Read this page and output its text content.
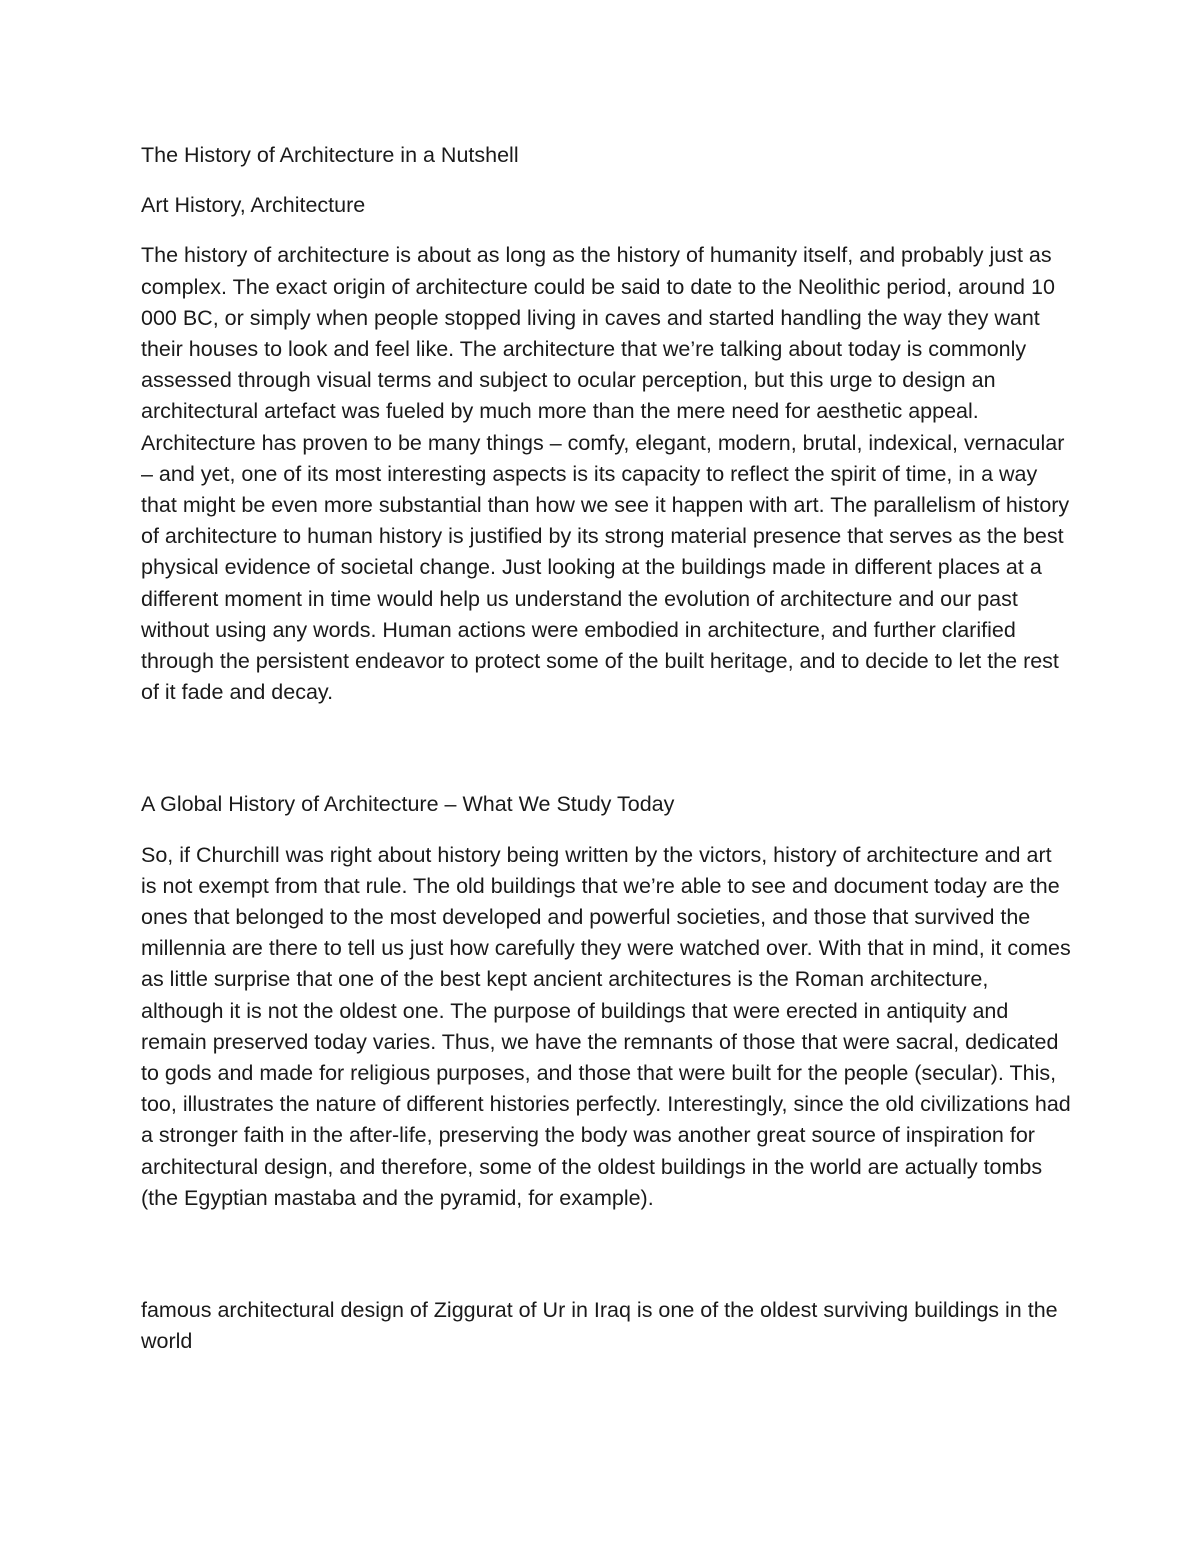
The History of Architecture in a Nutshell

Art History, Architecture

The history of architecture is about as long as the history of humanity itself, and probably just as complex. The exact origin of architecture could be said to date to the Neolithic period, around 10 000 BC, or simply when people stopped living in caves and started handling the way they want their houses to look and feel like. The architecture that we’re talking about today is commonly assessed through visual terms and subject to ocular perception, but this urge to design an architectural artefact was fueled by much more than the mere need for aesthetic appeal. Architecture has proven to be many things – comfy, elegant, modern, brutal, indexical, vernacular – and yet, one of its most interesting aspects is its capacity to reflect the spirit of time, in a way that might be even more substantial than how we see it happen with art. The parallelism of history of architecture to human history is justified by its strong material presence that serves as the best physical evidence of societal change. Just looking at the buildings made in different places at a different moment in time would help us understand the evolution of architecture and our past without using any words. Human actions were embodied in architecture, and further clarified through the persistent endeavor to protect some of the built heritage, and to decide to let the rest of it fade and decay.

A Global History of Architecture – What We Study Today

So, if Churchill was right about history being written by the victors, history of architecture and art is not exempt from that rule. The old buildings that we’re able to see and document today are the ones that belonged to the most developed and powerful societies, and those that survived the millennia are there to tell us just how carefully they were watched over. With that in mind, it comes as little surprise that one of the best kept ancient architectures is the Roman architecture, although it is not the oldest one. The purpose of buildings that were erected in antiquity and remain preserved today varies. Thus, we have the remnants of those that were sacral, dedicated to gods and made for religious purposes, and those that were built for the people (secular). This, too, illustrates the nature of different histories perfectly. Interestingly, since the old civilizations had a stronger faith in the after-life, preserving the body was another great source of inspiration for architectural design, and therefore, some of the oldest buildings in the world are actually tombs (the Egyptian mastaba and the pyramid, for example).

famous architectural design of Ziggurat of Ur in Iraq is one of the oldest surviving buildings in the world
